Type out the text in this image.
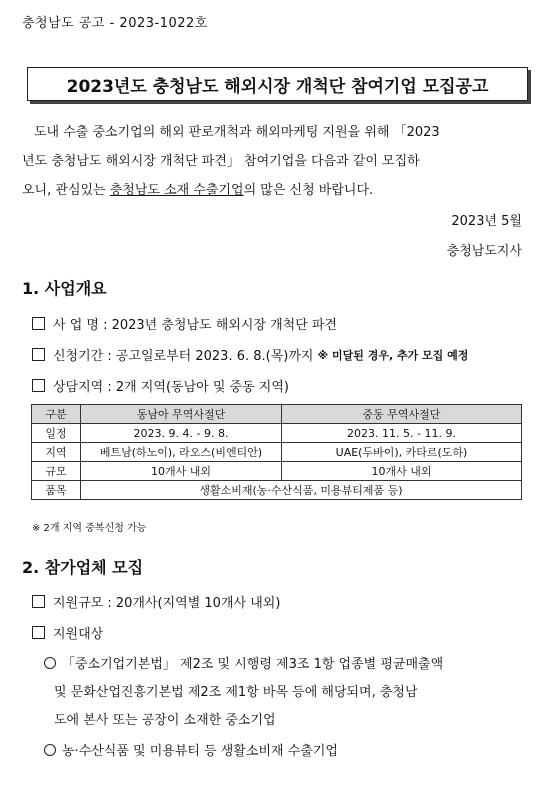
충청남도 공고 - 2023-1022호
2023년도 충청남도 해외시장 개척단 참여기업 모집공고
도내 수출 중소기업의 해외 판로개척과 해외마케팅 지원을 위해 「2023
년도 충청남도 해외시장 개척단 파견」 참여기업을 다음과 같이 모집하
오니, 관심있는 충청남도 소재 수출기업의 많은 신청 바랍니다.
2023년 5월
충청남도지사
1. 사업개요
사 업 명 : 2023년 충청남도 해외시장 개척단 파견
신청기간 : 공고일로부터 2023. 6. 8.(목)까지 ※ 미달된 경우, 추가 모집 예정
상담지역 : 2개 지역(동남아 및 중동 지역)
구분	동남아 무역사절단	중동 무역사절단
일정	2023. 9. 4. - 9. 8.	2023. 11. 5. - 11. 9.
지역	베트남(하노이), 라오스(비엔티안)	UAE(두바이), 카타르(도하)
규모	10개사 내외	10개사 내외
품목	생활소비재(농·수산식품, 미용뷰티제품 등)	
※ 2개 지역 중복신청 가능
2. 참가업체 모집
지원규모 : 20개사(지역별 10개사 내외)
지원대상
「중소기업기본법」 제2조 및 시행령 제3조 1항 업종별 평균매출액
및 문화산업진흥기본법 제2조 제1항 바목 등에 해당되며, 충청남
도에 본사 또는 공장이 소재한 중소기업
농·수산식품 및 미용뷰티 등 생활소비재 수출기업
